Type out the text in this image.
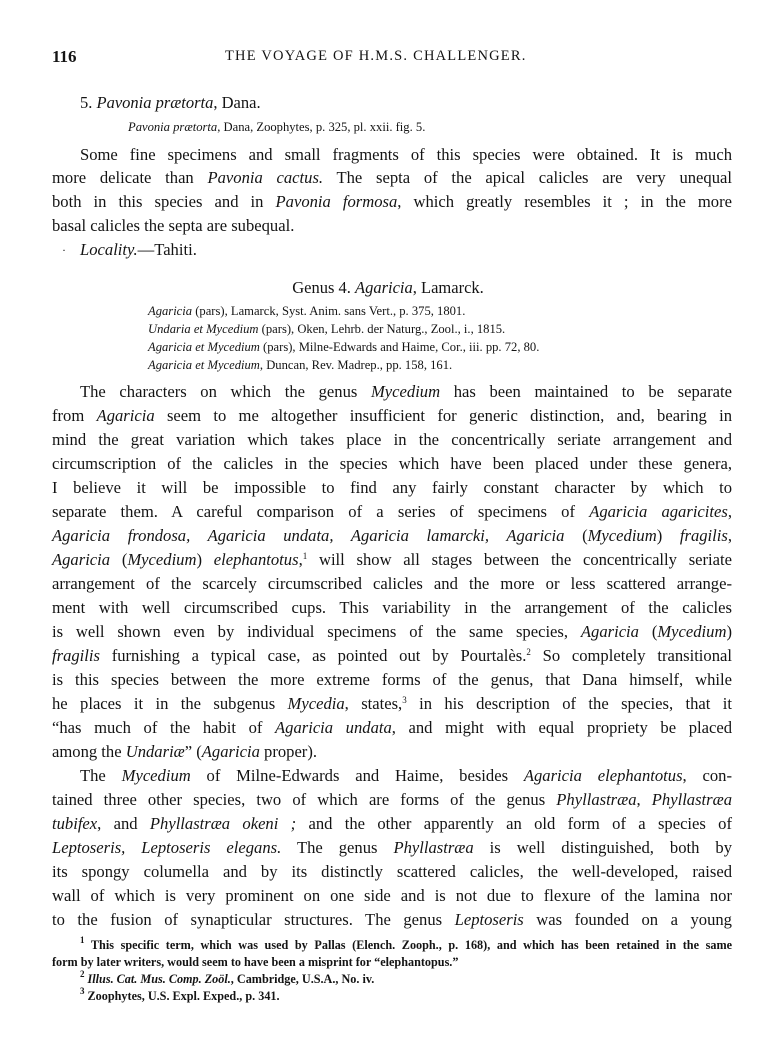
116	THE VOYAGE OF H.M.S. CHALLENGER.
5. Pavonia prætorta, Dana.
Pavonia prætorta, Dana, Zoophytes, p. 325, pl. xxii. fig. 5.
Some fine specimens and small fragments of this species were obtained. It is much
more delicate than Pavonia cactus. The septa of the apical calicles are very unequal
both in this species and in Pavonia formosa, which greatly resembles it ; in the more
basal calicles the septa are subequal.
· Locality.—Tahiti.
Genus 4. Agaricia, Lamarck.
Agaricia (pars), Lamarck, Syst. Anim. sans Vert., p. 375, 1801.
Undaria et Mycedium (pars), Oken, Lehrb. der Naturg., Zool., i., 1815.
Agaricia et Mycedium (pars), Milne-Edwards and Haime, Cor., iii. pp. 72, 80.
Agaricia et Mycedium, Duncan, Rev. Madrep., pp. 158, 161.
The characters on which the genus Mycedium has been maintained to be separate
from Agaricia seem to me altogether insufficient for generic distinction, and, bearing in
mind the great variation which takes place in the concentrically seriate arrangement and
circumscription of the calicles in the species which have been placed under these genera,
I believe it will be impossible to find any fairly constant character by which to
separate them. A careful comparison of a series of specimens of Agaricia agaricites,
Agaricia frondosa, Agaricia undata, Agaricia lamarcki, Agaricia (Mycedium) fragilis,
Agaricia (Mycedium) elephantotus,$^1$ will show all stages between the concentrically seriate
arrangement of the scarcely circumscribed calicles and the more or less scattered arrange-
ment with well circumscribed cups. This variability in the arrangement of the calicles
is well shown even by individual specimens of the same species, Agaricia (Mycedium)
fragilis furnishing a typical case, as pointed out by Pourtalès.$^2$ So completely transitional
is this species between the more extreme forms of the genus, that Dana himself, while
he places it in the subgenus Mycedia, states,$^3$ in his description of the species, that it
“has much of the habit of Agaricia undata, and might with equal propriety be placed
among the Undariæ” (Agaricia proper).
The Mycedium of Milne-Edwards and Haime, besides Agaricia elephantotus, con-
tained three other species, two of which are forms of the genus Phyllastræa, Phyllastræa
tubifex, and Phyllastræa okeni ; and the other apparently an old form of a species of
Leptoseris, Leptoseris elegans. The genus Phyllastræa is well distinguished, both by
its spongy columella and by its distinctly scattered calicles, the well-developed, raised
wall of which is very prominent on one side and is not due to flexure of the lamina nor
to the fusion of synapticular structures. The genus Leptoseris was founded on a young
$^1$ This specific term, which was used by Pallas (Elench. Zooph., p. 168), and which has been retained in the same
form by later writers, would seem to have been a misprint for “elephantopus.”
$^2$ Illus. Cat. Mus. Comp. Zoöl., Cambridge, U.S.A., No. iv.
$^3$ Zoophytes, U.S. Expl. Exped., p. 341.
